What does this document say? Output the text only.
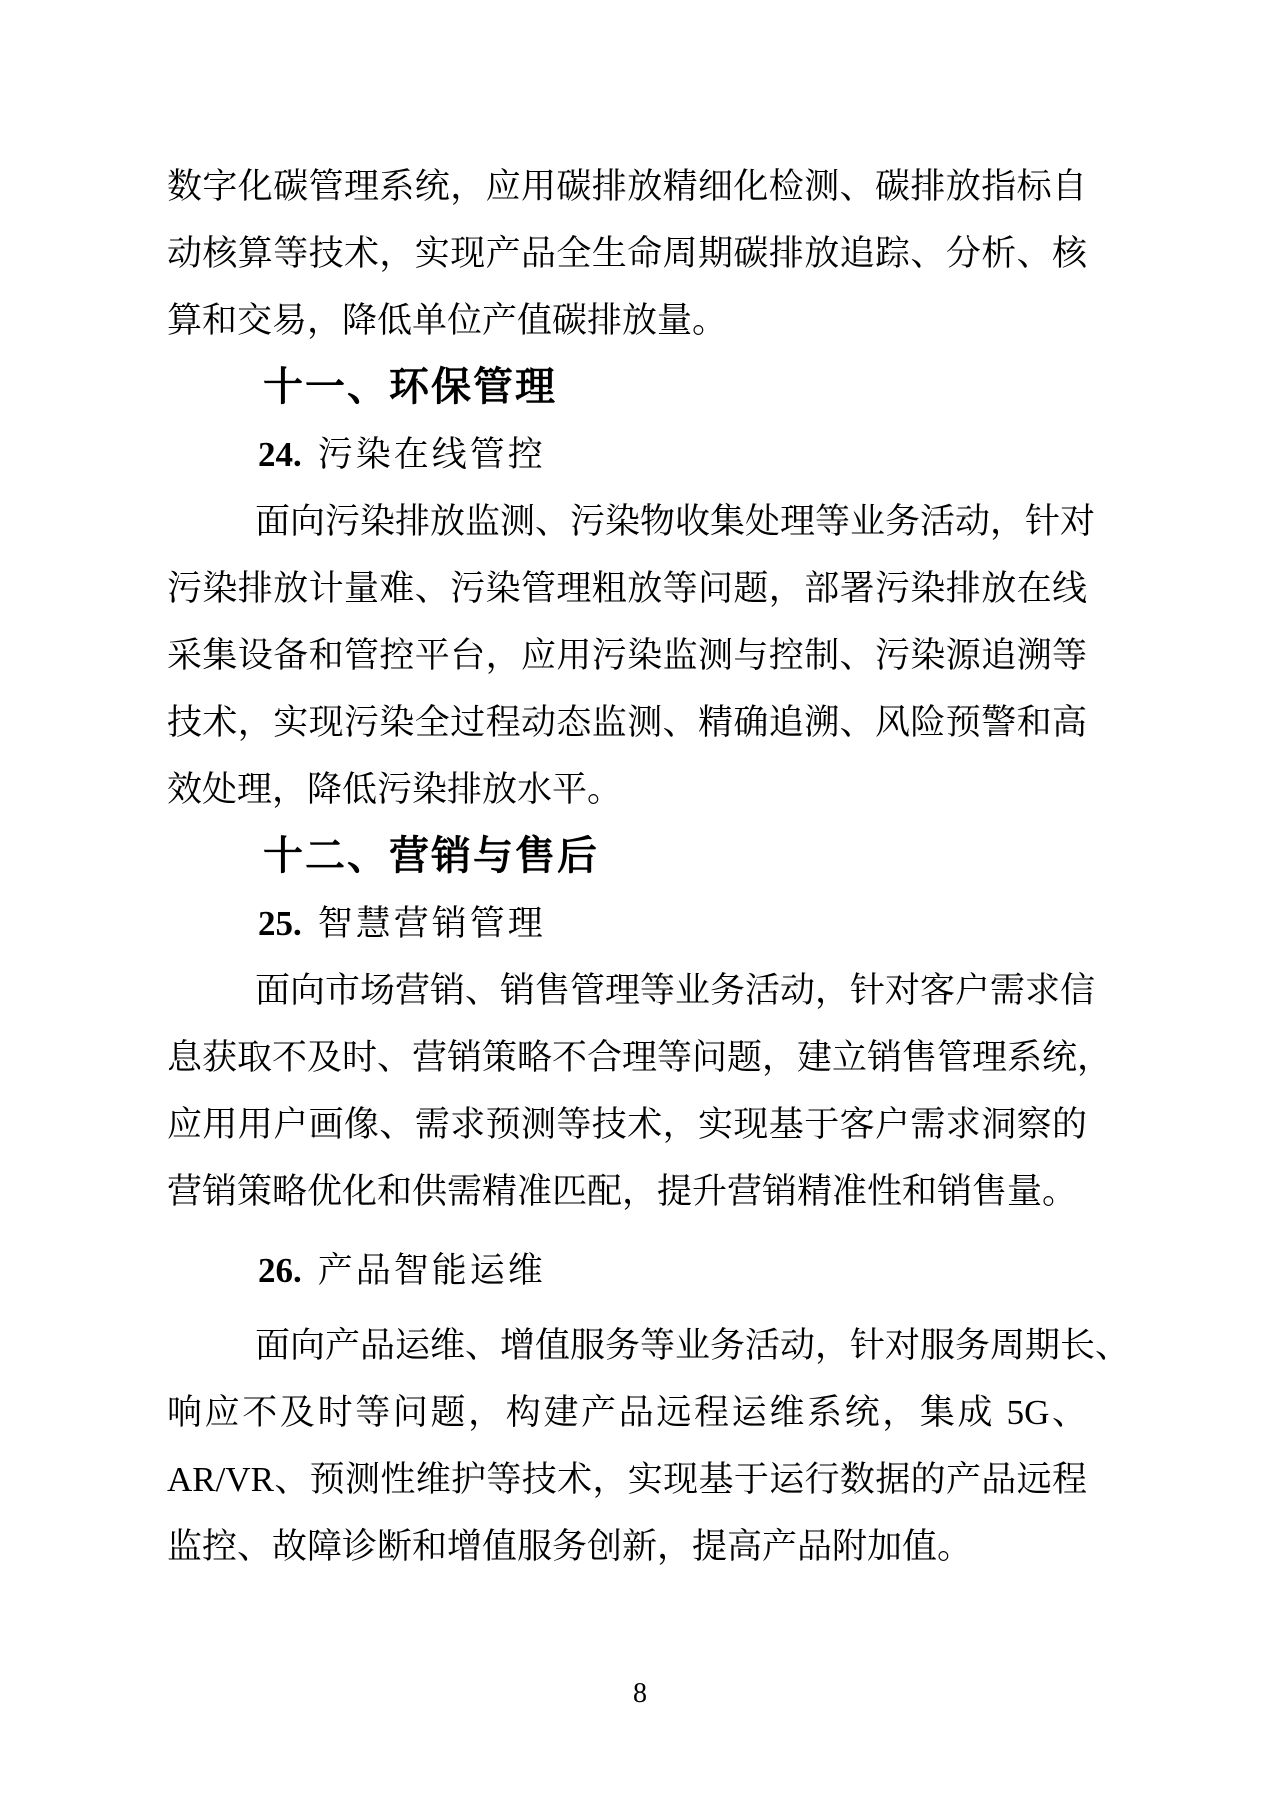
数字化碳管理系统，应用碳排放精细化检测、碳排放指标自
动核算等技术，实现产品全生命周期碳排放追踪、分析、核
算和交易，降低单位产值碳排放量。
十一、环保管理
24. 污染在线管控
面向污染排放监测、污染物收集处理等业务活动，针对
污染排放计量难、污染管理粗放等问题，部署污染排放在线
采集设备和管控平台，应用污染监测与控制、污染源追溯等
技术，实现污染全过程动态监测、精确追溯、风险预警和高
效处理，降低污染排放水平。
十二、营销与售后
25. 智慧营销管理
面向市场营销、销售管理等业务活动，针对客户需求信
息获取不及时、营销策略不合理等问题，建立销售管理系统，
应用用户画像、需求预测等技术，实现基于客户需求洞察的
营销策略优化和供需精准匹配，提升营销精准性和销售量。
26. 产品智能运维
面向产品运维、增值服务等业务活动，针对服务周期长、
响应不及时等问题，构建产品远程运维系统，集成 5G、
AR/VR、预测性维护等技术，实现基于运行数据的产品远程
监控、故障诊断和增值服务创新，提高产品附加值。
8
